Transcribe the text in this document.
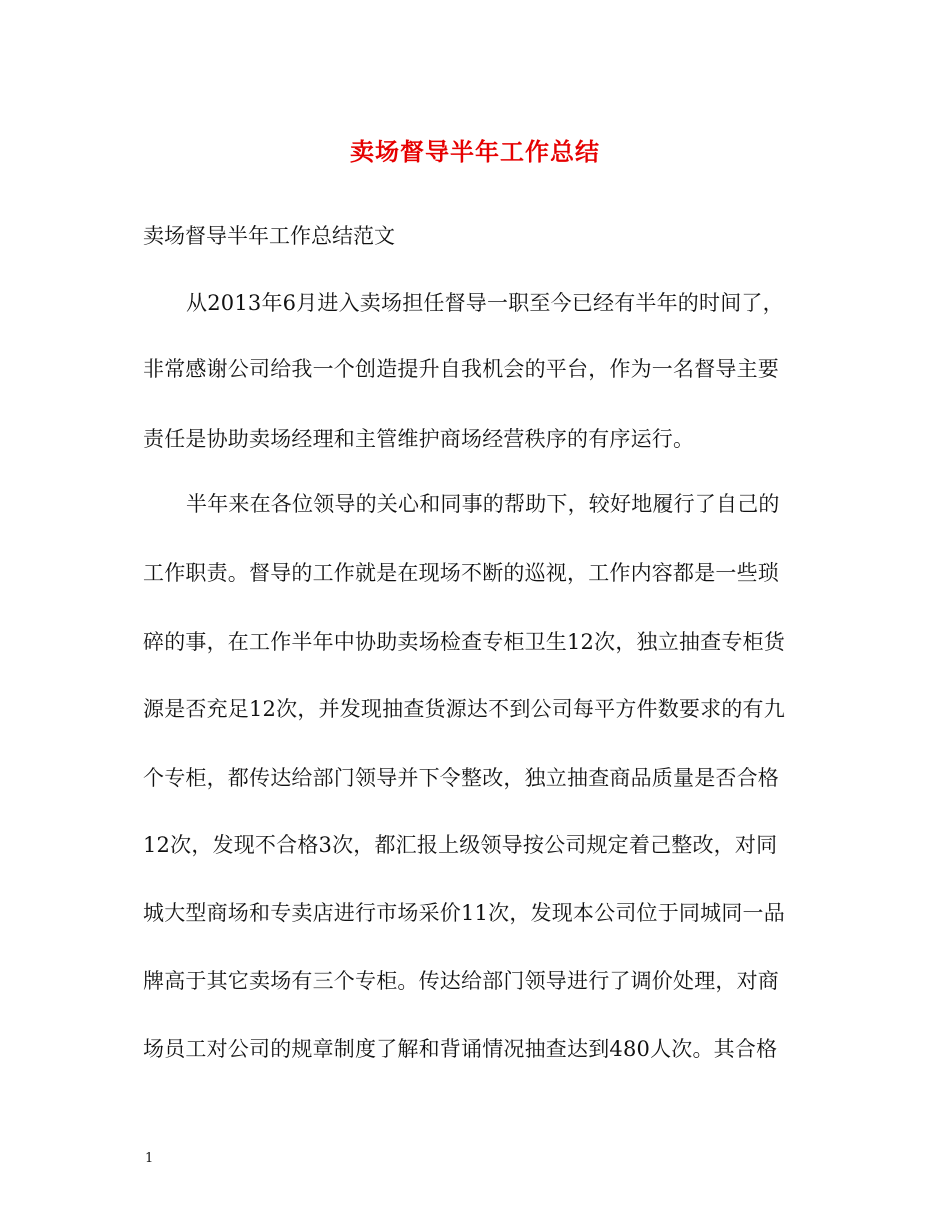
卖场督导半年工作总结

卖场督导半年工作总结范文

从2013年6月进入卖场担任督导一职至今已经有半年的时间了，

非常感谢公司给我一个创造提升自我机会的平台，作为一名督导主要

责任是协助卖场经理和主管维护商场经营秩序的有序运行。

半年来在各位领导的关心和同事的帮助下，较好地履行了自己的

工作职责。督导的工作就是在现场不断的巡视，工作内容都是一些琐

碎的事，在工作半年中协助卖场检查专柜卫生12次，独立抽查专柜货

源是否充足12次，并发现抽查货源达不到公司每平方件数要求的有九

个专柜，都传达给部门领导并下令整改，独立抽查商品质量是否合格

12次，发现不合格3次，都汇报上级领导按公司规定着己整改，对同

城大型商场和专卖店进行市场采价11次，发现本公司位于同城同一品

牌高于其它卖场有三个专柜。传达给部门领导进行了调价处理，对商

场员工对公司的规章制度了解和背诵情况抽查达到480人次。其合格

1
